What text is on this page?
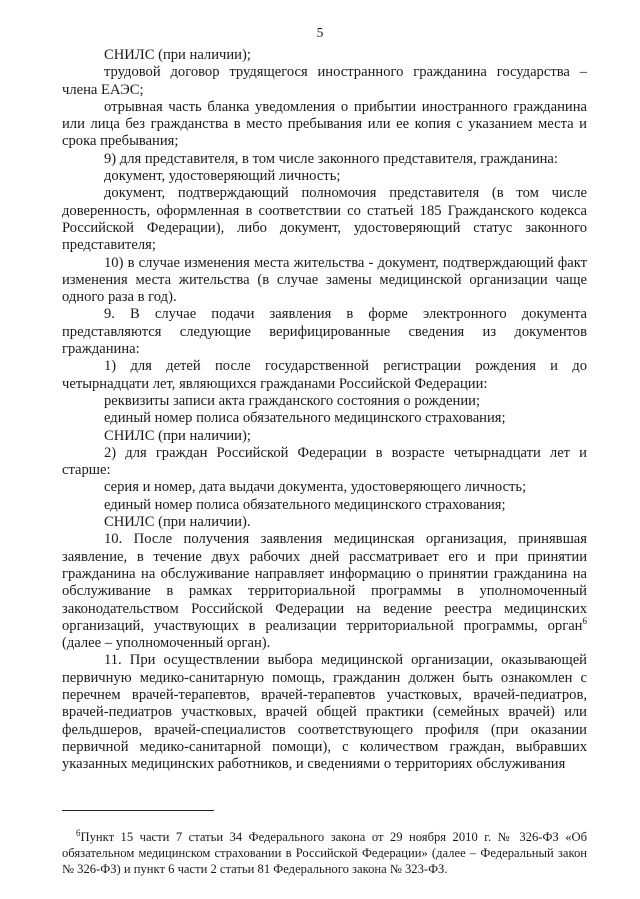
5

СНИЛС (при наличии);

трудовой договор трудящегося иностранного гражданина государства – члена ЕАЭС;

отрывная часть бланка уведомления о прибытии иностранного гражданина или лица без гражданства в место пребывания или ее копия с указанием места и срока пребывания;

9) для представителя, в том числе законного представителя, гражданина:

документ, удостоверяющий личность;

документ, подтверждающий полномочия представителя (в том числе доверенность, оформленная в соответствии со статьей 185 Гражданского кодекса Российской Федерации), либо документ, удостоверяющий статус законного представителя;

10) в случае изменения места жительства - документ, подтверждающий факт изменения места жительства (в случае замены медицинской организации чаще одного раза в год).

9. В случае подачи заявления в форме электронного документа представляются следующие верифицированные сведения из документов гражданина:

1) для детей после государственной регистрации рождения и до четырнадцати лет, являющихся гражданами Российской Федерации:

реквизиты записи акта гражданского состояния о рождении;

единый номер полиса обязательного медицинского страхования;

СНИЛС (при наличии);

2) для граждан Российской Федерации в возрасте четырнадцати лет и старше:

серия и номер, дата выдачи документа, удостоверяющего личность;

единый номер полиса обязательного медицинского страхования;

СНИЛС (при наличии).

10. После получения заявления медицинская организация, принявшая заявление, в течение двух рабочих дней рассматривает его и при принятии гражданина на обслуживание направляет информацию о принятии гражданина на обслуживание в рамках территориальной программы в уполномоченный законодательством Российской Федерации на ведение реестра медицинских организаций, участвующих в реализации территориальной программы, орган$^6$ (далее – уполномоченный орган).

11. При осуществлении выбора медицинской организации, оказывающей первичную медико-санитарную помощь, гражданин должен быть ознакомлен с перечнем врачей-терапевтов, врачей-терапевтов участковых, врачей-педиатров, врачей-педиатров участковых, врачей общей практики (семейных врачей) или фельдшеров, врачей-специалистов соответствующего профиля (при оказании первичной медико-санитарной помощи), с количеством граждан, выбравших указанных медицинских работников, и сведениями о территориях обслуживания

$^6$Пункт 15 части 7 статьи 34 Федерального закона от 29 ноября 2010 г. № 326-ФЗ «Об обязательном медицинском страховании в Российской Федерации» (далее – Федеральный закон № 326-ФЗ) и пункт 6 части 2 статьи 81 Федерального закона № 323-ФЗ.
